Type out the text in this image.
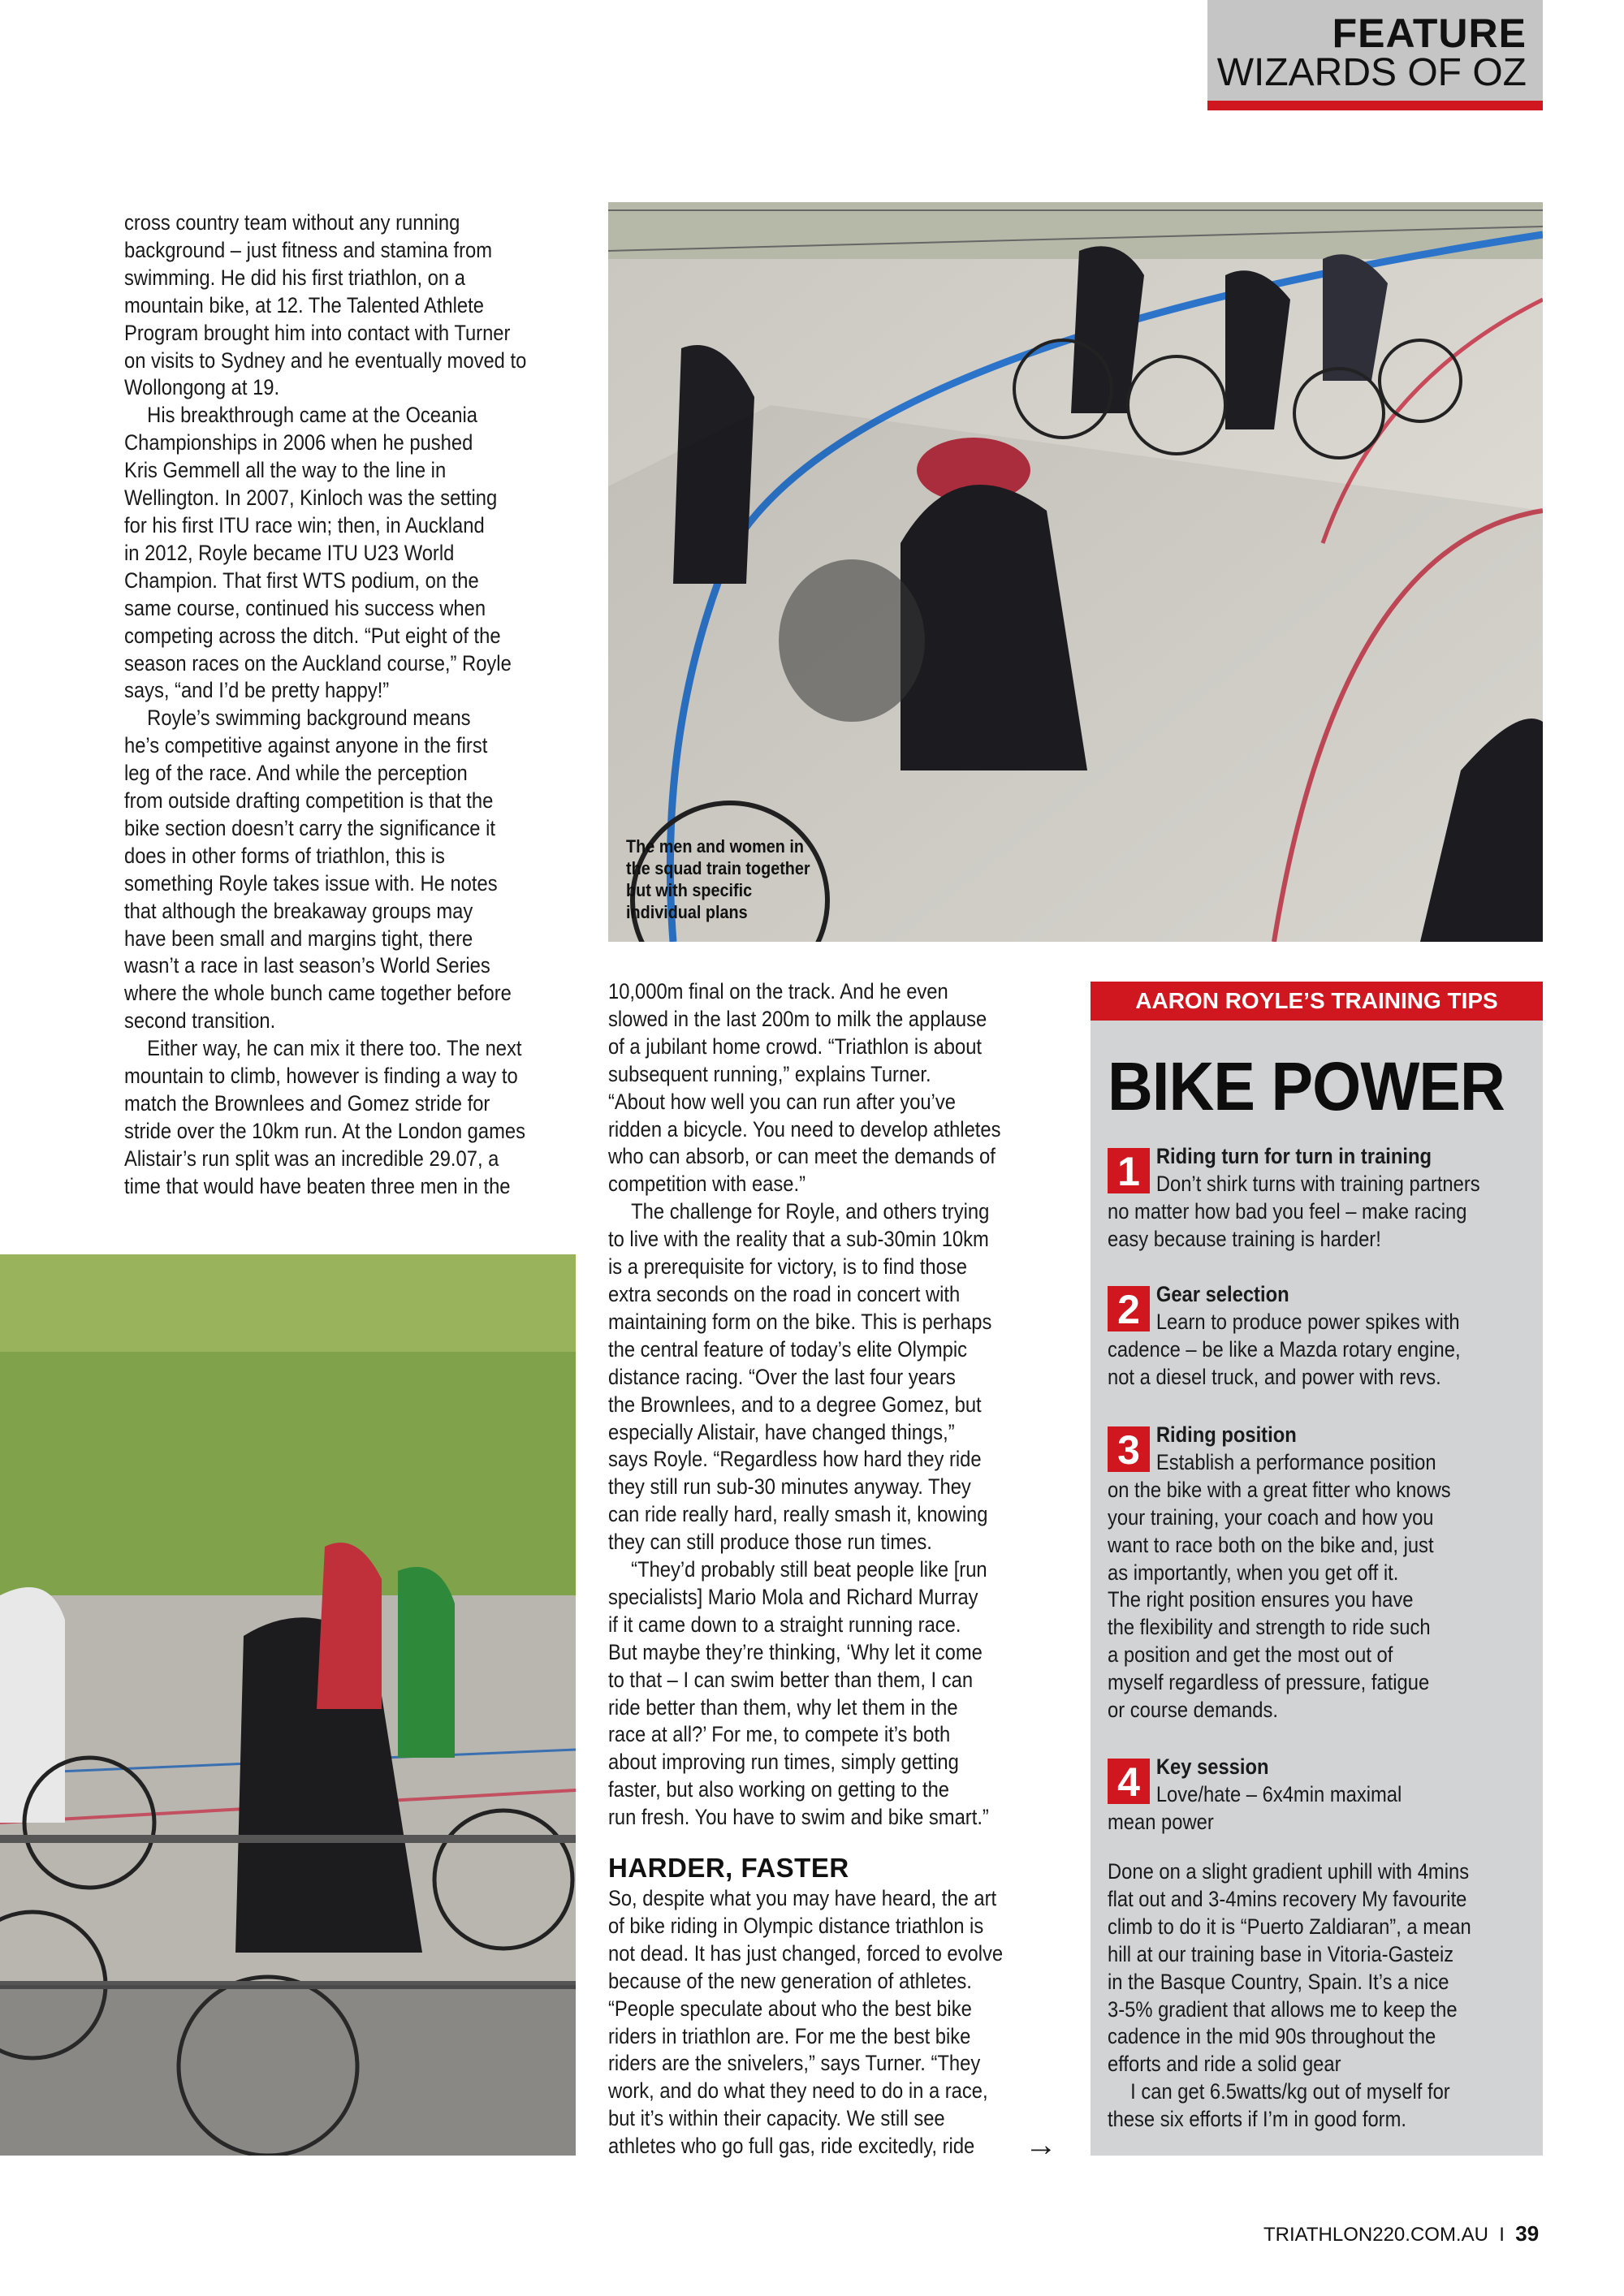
FEATURE
WIZARDS OF OZ
cross country team without any running
background – just fitness and stamina from
swimming. He did his first triathlon, on a
mountain bike, at 12. The Talented Athlete
Program brought him into contact with Turner
on visits to Sydney and he eventually moved to
Wollongong at 19.
His breakthrough came at the Oceania
Championships in 2006 when he pushed
Kris Gemmell all the way to the line in
Wellington. In 2007, Kinloch was the setting
for his first ITU race win; then, in Auckland
in 2012, Royle became ITU U23 World
Champion. That first WTS podium, on the
same course, continued his success when
competing across the ditch. “Put eight of the
season races on the Auckland course,” Royle
says, “and I’d be pretty happy!”
Royle’s swimming background means
he’s competitive against anyone in the first
leg of the race. And while the perception
from outside drafting competition is that the
bike section doesn’t carry the significance it
does in other forms of triathlon, this is
something Royle takes issue with. He notes
that although the breakaway groups may
have been small and margins tight, there
wasn’t a race in last season’s World Series
where the whole bunch came together before
second transition.
Either way, he can mix it there too. The next
mountain to climb, however is finding a way to
match the Brownlees and Gomez stride for
stride over the 10km run. At the London games
Alistair’s run split was an incredible 29.07, a
time that would have beaten three men in the
The men and women in
the squad train together
but with specific
individual plans
10,000m final on the track. And he even
slowed in the last 200m to milk the applause
of a jubilant home crowd. “Triathlon is about
subsequent running,” explains Turner.
“About how well you can run after you’ve
ridden a bicycle. You need to develop athletes
who can absorb, or can meet the demands of
competition with ease.”
The challenge for Royle, and others trying
to live with the reality that a sub-30min 10km
is a prerequisite for victory, is to find those
extra seconds on the road in concert with
maintaining form on the bike. This is perhaps
the central feature of today’s elite Olympic
distance racing. “Over the last four years
the Brownlees, and to a degree Gomez, but
especially Alistair, have changed things,”
says Royle. “Regardless how hard they ride
they still run sub-30 minutes anyway. They
can ride really hard, really smash it, knowing
they can still produce those run times.
“They’d probably still beat people like [run
specialists] Mario Mola and Richard Murray
if it came down to a straight running race.
But maybe they’re thinking, ‘Why let it come
to that – I can swim better than them, I can
ride better than them, why let them in the
race at all?’ For me, to compete it’s both
about improving run times, simply getting
faster, but also working on getting to the
run fresh. You have to swim and bike smart.”
HARDER, FASTER
So, despite what you may have heard, the art
of bike riding in Olympic distance triathlon is
not dead. It has just changed, forced to evolve
because of the new generation of athletes.
“People speculate about who the best bike
riders in triathlon are. For me the best bike
riders are the snivelers,” says Turner. “They
work, and do what they need to do in a race,
but it’s within their capacity. We still see
athletes who go full gas, ride excitedly, ride	→
AARON ROYLE’S TRAINING TIPS
BIKE POWER
1 Riding turn for turn in training
Don’t shirk turns with training partners
no matter how bad you feel – make racing
easy because training is harder!
2 Gear selection
Learn to produce power spikes with
cadence – be like a Mazda rotary engine,
not a diesel truck, and power with revs.
3 Riding position
Establish a performance position
on the bike with a great fitter who knows
your training, your coach and how you
want to race both on the bike and, just
as importantly, when you get off it.
The right position ensures you have
the flexibility and strength to ride such
a position and get the most out of
myself regardless of pressure, fatigue
or course demands.
4 Key session
Love/hate – 6x4min maximal
mean power
Done on a slight gradient uphill with 4mins
flat out and 3-4mins recovery My favourite
climb to do it is “Puerto Zaldiaran”, a mean
hill at our training base in Vitoria-Gasteiz
in the Basque Country, Spain. It’s a nice
3-5% gradient that allows me to keep the
cadence in the mid 90s throughout the
efforts and ride a solid gear
I can get 6.5watts/kg out of myself for
these six efforts if I’m in good form.
TRIATHLON220.COM.AU I 39
